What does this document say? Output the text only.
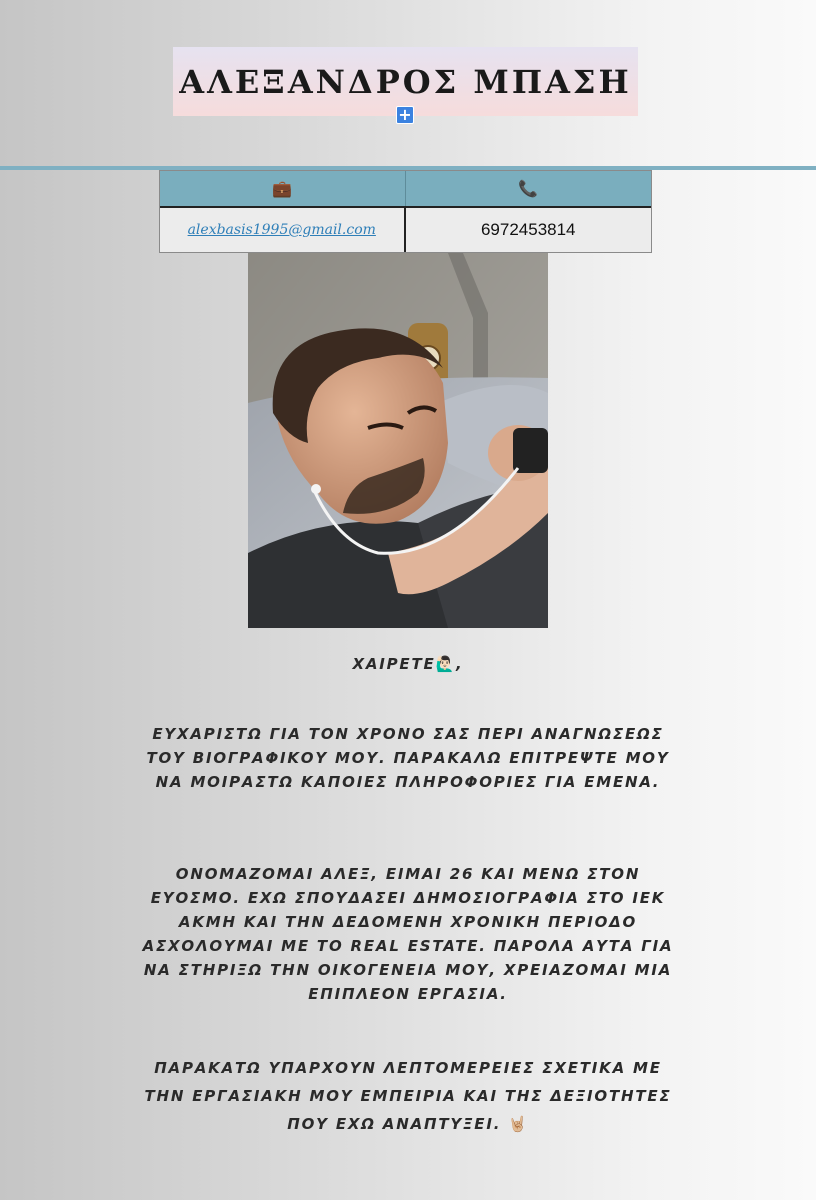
ΑΛΕΞΑΝΔΡΟΣ ΜΠΑΣΗ
+
💼	📞
alexbasis1995@gmail.com	6972453814
ΧΑΙΡΕΤΕ🙋🏻‍♂️,
ΕΥΧΑΡΙΣΤΩ ΓΙΑ ΤΟΝ ΧΡΟΝΟ ΣΑΣ ΠΕΡΙ ΑΝΑΓΝΩΣΕΩΣ ΤΟΥ ΒΙΟΓΡΑΦΙΚΟΥ ΜΟΥ. ΠΑΡΑΚΑΛΩ ΕΠΙΤΡΕΨΤΕ ΜΟΥ ΝΑ ΜΟΙΡΑΣΤΩ ΚΑΠΟΙΕΣ ΠΛΗΡΟΦΟΡΙΕΣ ΓΙΑ ΕΜΕΝΑ.
ΟΝΟΜΑΖΟΜΑΙ ΑΛΕΞ, ΕΙΜΑΙ 26 ΚΑΙ ΜΕΝΩ ΣΤΟΝ ΕΥΟΣΜΟ. ΕΧΩ ΣΠΟΥΔΑΣΕΙ ΔΗΜΟΣΙΟΓΡΑΦΙΑ ΣΤΟ ΙΕΚ ΑΚΜΗ ΚΑΙ ΤΗΝ ΔΕΔΟΜΕΝΗ ΧΡΟΝΙΚΗ ΠΕΡΙΟΔΟ ΑΣΧΟΛΟΥΜΑΙ ΜΕ ΤΟ REAL ESTATE. ΠΑΡΟΛΑ ΑΥΤΑ ΓΙΑ ΝΑ ΣΤΗΡΙΞΩ ΤΗΝ ΟΙΚΟΓΕΝΕΙΑ ΜΟΥ, ΧΡΕΙΑΖΟΜΑΙ ΜΙΑ ΕΠΙΠΛΕΟΝ ΕΡΓΑΣΙΑ.
ΠΑΡΑΚΑΤΩ ΥΠΑΡΧΟΥΝ ΛΕΠΤΟΜΕΡΕΙΕΣ ΣΧΕΤΙΚΑ ΜΕ ΤΗΝ ΕΡΓΑΣΙΑΚΗ ΜΟΥ ΕΜΠΕΙΡΙΑ ΚΑΙ ΤΗΣ ΔΕΞΙΟΤΗΤΕΣ ΠΟΥ ΕΧΩ ΑΝΑΠΤΥΞΕΙ. 🤘🏼
